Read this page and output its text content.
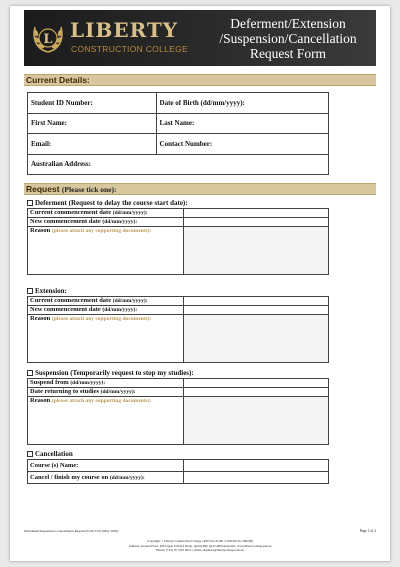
L LIBERTY
CONSTRUCTION COLLEGE
Deferment/Extension
/Suspension/Cancellation
Request Form
Current Details:
Student ID Number:	Date of Birth (dd/mm/yyyy):
First Name:	Last Name:
Email:	Contact Number:
Australian Address:	
Request (Please tick one):
Deferment (Request to delay the course start date):
Current commencement date (dd/mm/yyyy):	
New commencement date (dd/mm/yyyy):	
Reason (please attach any supporting documents):	
Extension:
Current commencement date (dd/mm/yyyy):	
New commencement date (dd/mm/yyyy):	
Reason (please attach any supporting documents):	
Suspension (Temporarily request to stop my studies):
Suspend from (dd/mm/yyyy):	
Date returning to studies (dd/mm/yyyy):	
Reason (please attach any supporting documents):	
Cancellation
Course (s) Name:	
Cancel / finish my course on (dd/mm/yyyy):	
Deferment/Suspension/ Cancellation Request Form V3.0 (May 2020)	Page 1 of 2
Copyright © Liberty Construction College | RTO No 45190 | CRICOS No 3962(B)
Address: Ground Floor, 406 Upper Edward Street, Spring Hill QLD 4000 Australia | www.libertycollege.edu.au
Phone: (+61) 07 3161 6012 | email: enquiries@libertycollege.edu.au
